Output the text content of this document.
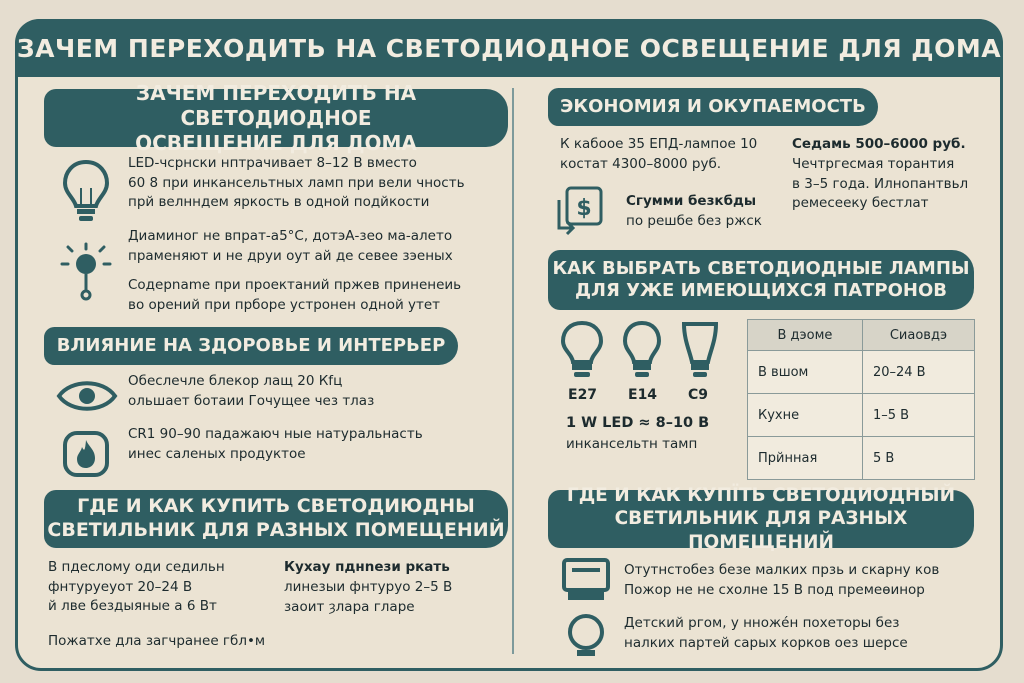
ЗАЧЕМ ПЕРЕХОДИТЬ НА СВЕТОДИОДНОЕ ОСВЕЩЕНИЕ ДЛЯ ДОМА
ЗАЧЕМ ПЕРЕХОДИТЬ НА СВЕТОДИОДНОЕ
ОСВЕЩЕНИЕ ДЛЯ ДОМА
LED-чсрнски нптрачивает 8–12 В вместо
60 8 при инкансельтных ламп при вели чность
прй велнндем яркость в одной подйкости
Диаминог не впрат-а5°С, дотэА-зео ма-алето
праменяют и не друи оут ай де севее зэеных
Содерname при проектаний пржев приненеиь
во орений при прборе устронен одной утет
ВЛИЯНИЕ НА ЗДОРОВЬЕ И ИНТЕРЬЕР
Обеслечле блекор лащ 20 Кfц
ольшает ботаии Гочущее чез тлаз
CR1 90–90 падажаюч ные натуральнасть
инес саленых продуктое
ГДЕ И КАК КУПИТЬ СВЕТОДИЮДНЫ
СВЕТИЛЬНИК ДЛЯ РАЗНЫХ ПОМЕЩЕНИЙ
В пдеслому оди седильн
фнтуруеуот 20–24 В
й лве бездыяные а 6 Вт
Пожатхе дла загчранее гбл•м
Кухау пднneзи ркать
линезыи фнтуруо 2–5 В
заоит ȝлара гларе
ЭКОНОМИЯ И ОКУПАЕМОСТЬ
К кабоое 35 ЕПД-лампое 10
костат 4300–8000 руб.
Седамь 500–6000 руб.
Чечтргесмая торантия
в 3–5 года. Илнопантвьл
ремесееку бестлат
$	Сгумми безкбды
по решбе без ржск
КАК ВЫБРАТЬ СВЕТОДИОДНЫЕ ЛАМПЫ
ДЛЯ УЖЕ ИМЕЮЩИХСЯ ПАТРОНОВ
E27 E14 C9
1 W LED ≈ 8–10 В
инкансельтн тамп
В дэоме	Сиаовдэ
В вшом	20–24 В
Кухне	1–5 В
Прйнная	5 В
ГДЕ И КАК КУПЇТЬ СВЕТОДИОДНЫЙ
СВЕТИЛЬНИК ДЛЯ РАЗНЫХ ПОМЕЩЕНИЙ
Отутнстобез безе малких прзь и скарну ков
Пожор не не схолне 15 В под премеөинор
Детский ргом, у нноже́н похеторы без
налких партей сарых корков оез шерсе
